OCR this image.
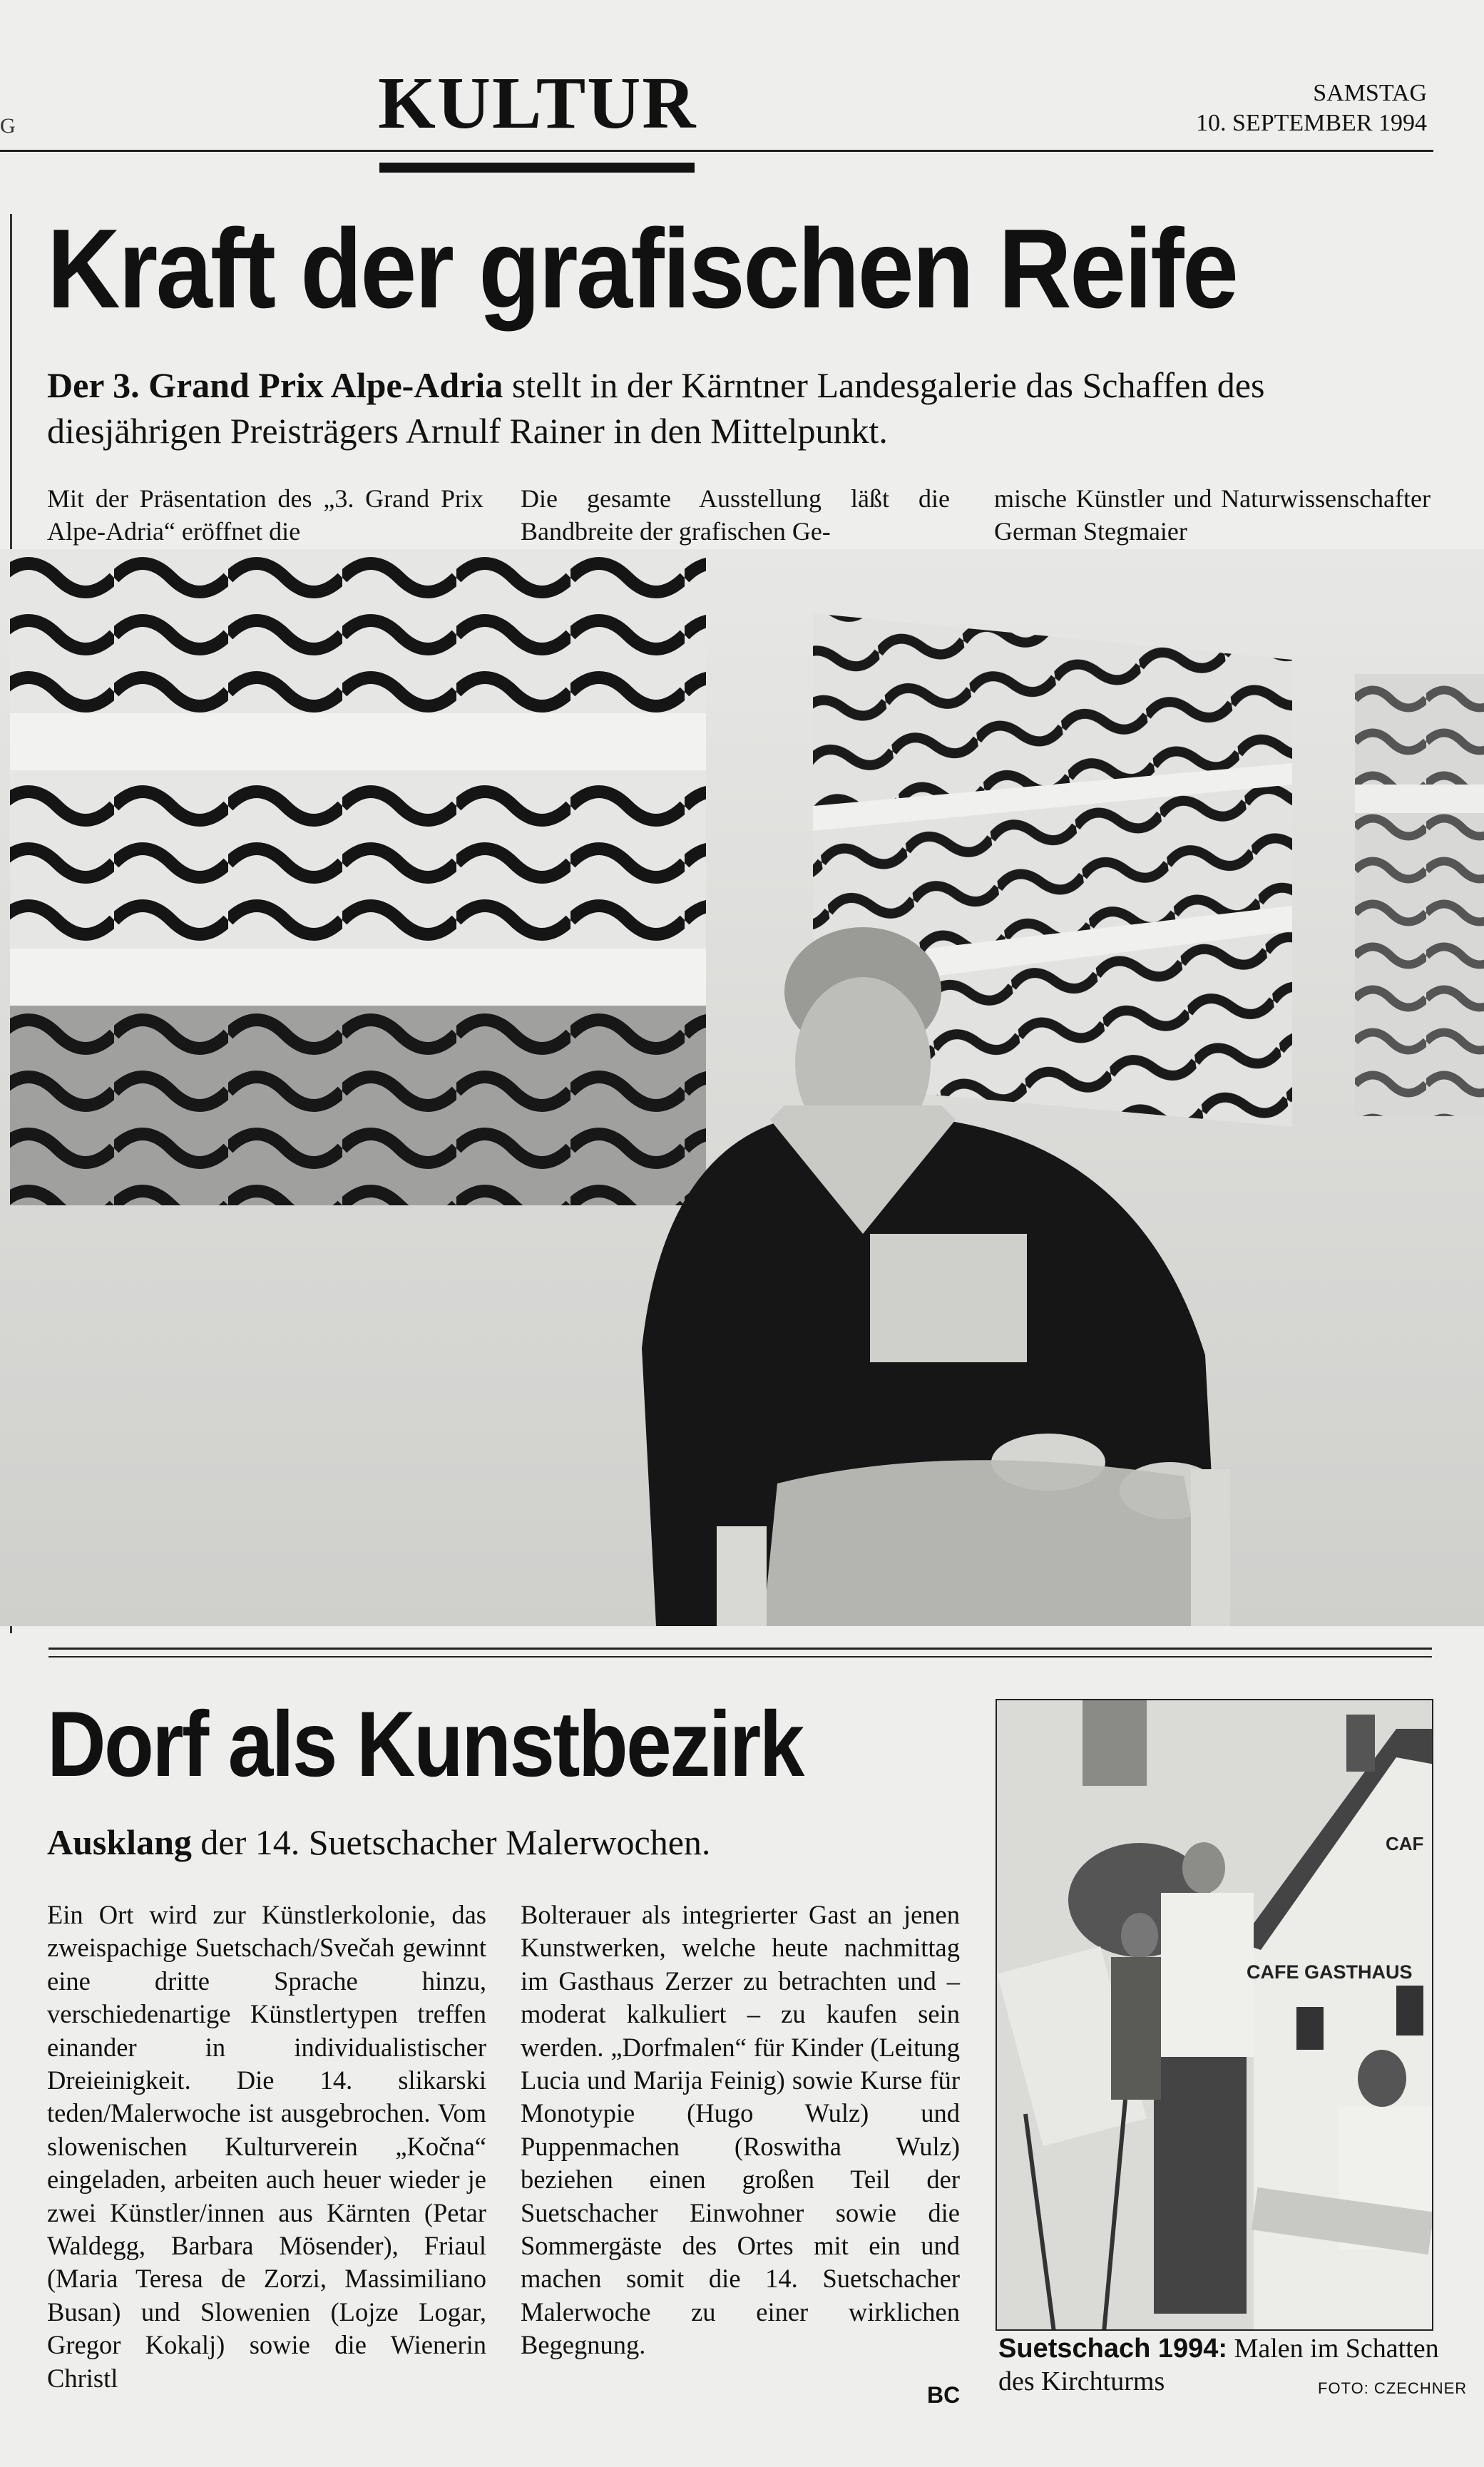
G	KULTUR	SAMSTAG
10. SEPTEMBER 1994
Kraft der grafischen Reife
Der 3. Grand Prix Alpe-Adria stellt in der Kärntner Landesgalerie das Schaffen des diesjährigen Preisträgers Arnulf Rainer in den Mittelpunkt.
Mit der Präsentation des „3. Grand Prix Alpe-Adria“ eröffnet die
Die gesamte Ausstellung läßt die Bandbreite der grafischen Ge-
mische Künstler und Naturwissenschafter German Stegmaier
Dorf als Kunstbezirk
Ausklang der 14. Suetschacher Malerwochen.
Ein Ort wird zur Künstlerkolonie, das zweispachige Suetschach/Svečah gewinnt eine dritte Sprache hinzu, verschiedenartige Künstlertypen treffen einander in individualistischer Dreieinigkeit. Die 14. slikarski teden/Malerwoche ist ausgebrochen. Vom slowenischen Kulturverein „Kočna“ eingeladen, arbeiten auch heuer wieder je zwei Künstler/innen aus Kärnten (Petar Waldegg, Barbara Mösender), Friaul (Maria Teresa de Zorzi, Massimiliano Busan) und Slowenien (Lojze Logar, Gregor Kokalj) sowie die Wienerin Christl
Bolterauer als integrierter Gast an jenen Kunstwerken, welche heute nachmittag im Gasthaus Zerzer zu betrachten und – moderat kalkuliert – zu kaufen sein werden. „Dorfmalen“ für Kinder (Leitung Lucia und Marija Feinig) sowie Kurse für Monotypie (Hugo Wulz) und Puppenmachen (Roswitha Wulz) beziehen einen großen Teil der Suetschacher Einwohner sowie die Sommergäste des Ortes mit ein und machen somit die 14. Suetschacher Malerwoche zu einer wirklichen Begegnung.
BC
CAF
CAFE GASTHAUS
Suetschach 1994: Malen im Schatten des Kirchturms	FOTO: CZECHNER
